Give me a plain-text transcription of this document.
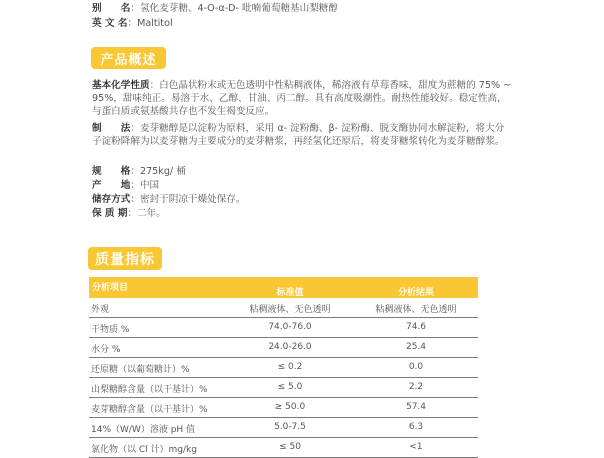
别　　名：氢化麦芽糖、4-O-α-D- 吡喃葡萄糖基山梨糖醇
英 文 名：Maltitol
产品概述
基本化学性质：白色晶状粉末或无色透明中性粘稠液体，稀溶液有草莓香味，甜度为蔗糖的 75% ~ 95%，甜味纯正。易溶于水、乙醇、甘油、丙二醇。具有高度吸潮性。耐热性能较好。稳定性高，与蛋白质或氨基酸共存也不发生褐变反应。
制　　法：麦芽糖醇是以淀粉为原料，采用 α- 淀粉酶、β- 淀粉酶、脱支酶协同水解淀粉，将大分子淀粉降解为以麦芽糖为主要成分的麦芽糖浆，再经氢化还原后，将麦芽糖浆转化为麦芽糖醇浆。
规　　格：275kg/ 桶
产　　地：中国
储存方式：密封于阴凉干燥处保存。
保 质 期：二年。
质量指标
分析项目	标准值	分析结果
外观	粘稠液体、无色透明	粘稠液体、无色透明
干物质 %	74.0-76.0	74.6
水分 %	24.0-26.0	25.4
还原糖（以葡萄糖计）%	≤ 0.2	0.0
山梨糖醇含量（以干基计）%	≤ 5.0	2.2
麦芽糖醇含量（以干基计）%	≥ 50.0	57.4
14%（W/W）溶液 pH 值	5.0-7.5	6.3
氯化物（以 Cl 计）mg/kg	≤ 50	<1
